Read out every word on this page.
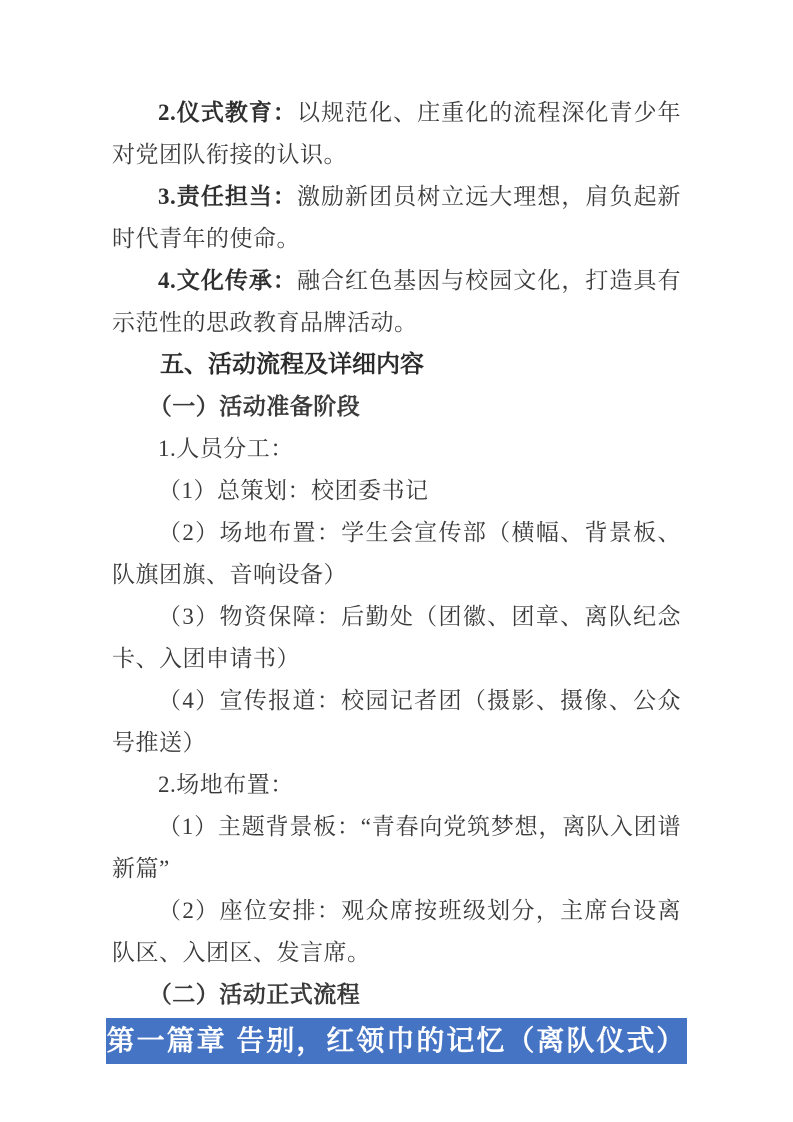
2.仪式教育：以规范化、庄重化的流程深化青少年对党团队衔接的认识。

3.责任担当：激励新团员树立远大理想，肩负起新时代青年的使命。

4.文化传承：融合红色基因与校园文化，打造具有示范性的思政教育品牌活动。

五、活动流程及详细内容

（一）活动准备阶段

1.人员分工：

（1）总策划：校团委书记

（2）场地布置：学生会宣传部（横幅、背景板、队旗团旗、音响设备）

（3）物资保障：后勤处（团徽、团章、离队纪念卡、入团申请书）

（4）宣传报道：校园记者团（摄影、摄像、公众号推送）

2.场地布置：

（1）主题背景板：“青春向党筑梦想，离队入团谱新篇”

（2）座位安排：观众席按班级划分，主席台设离队区、入团区、发言席。

（二）活动正式流程

第一篇章 告别，红领巾的记忆（离队仪式）
